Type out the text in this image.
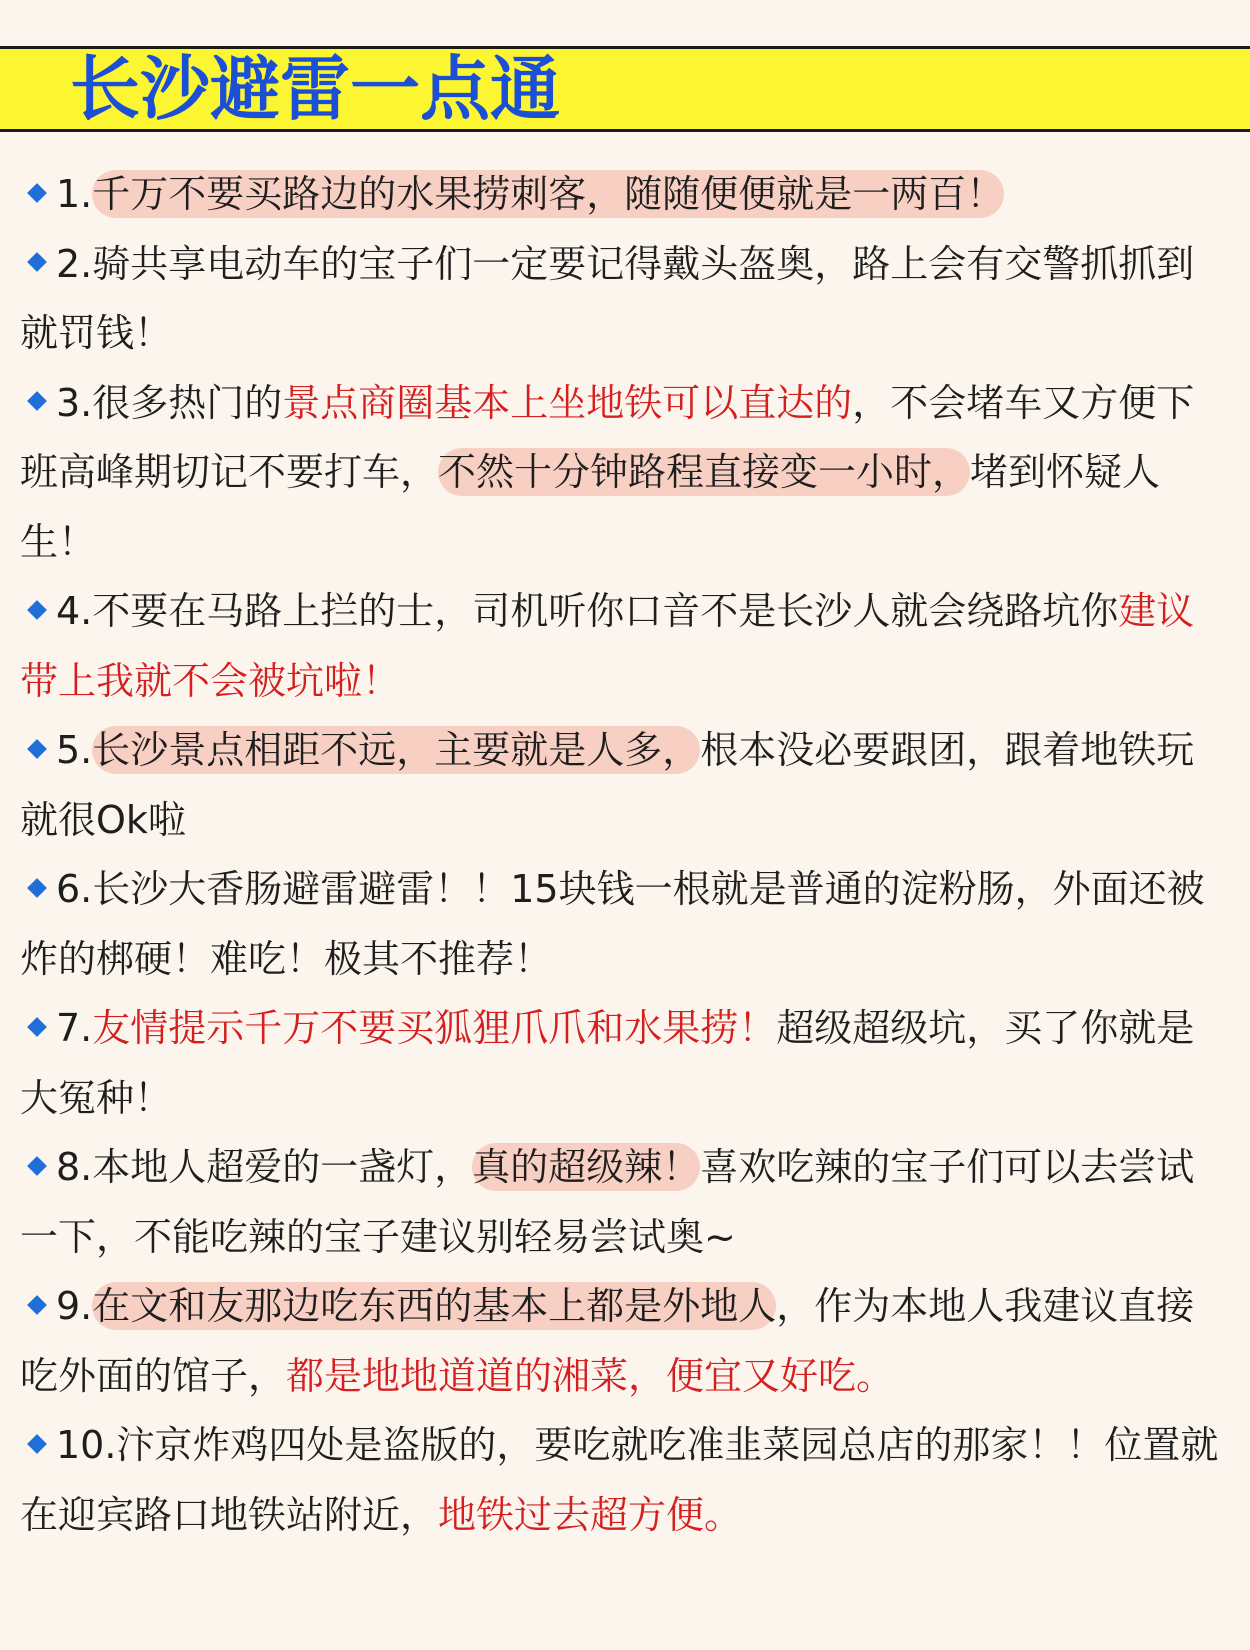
长沙避雷一点通

1.千万不要买路边的水果捞刺客，随随便便就是一两百！

2.骑共享电动车的宝子们一定要记得戴头盔奥，路上会有交警抓抓到就罚钱！

3.很多热门的景点商圈基本上坐地铁可以直达的，不会堵车又方便下班高峰期切记不要打车，不然十分钟路程直接变一小时，堵到怀疑人生！

4.不要在马路上拦的士，司机听你口音不是长沙人就会绕路坑你建议带上我就不会被坑啦！

5.长沙景点相距不远，主要就是人多，根本没必要跟团，跟着地铁玩就很Ok啦

6.长沙大香肠避雷避雷！！15块钱一根就是普通的淀粉肠，外面还被炸的梆硬！难吃！极其不推荐！

7.友情提示千万不要买狐狸爪爪和水果捞！超级超级坑，买了你就是大冤种！

8.本地人超爱的一盏灯，真的超级辣！喜欢吃辣的宝子们可以去尝试一下，不能吃辣的宝子建议别轻易尝试奥~

9.在文和友那边吃东西的基本上都是外地人，作为本地人我建议直接吃外面的馆子，都是地地道道的湘菜，便宜又好吃。

10.汴京炸鸡四处是盗版的，要吃就吃准韭菜园总店的那家！！位置就在迎宾路口地铁站附近，地铁过去超方便。
